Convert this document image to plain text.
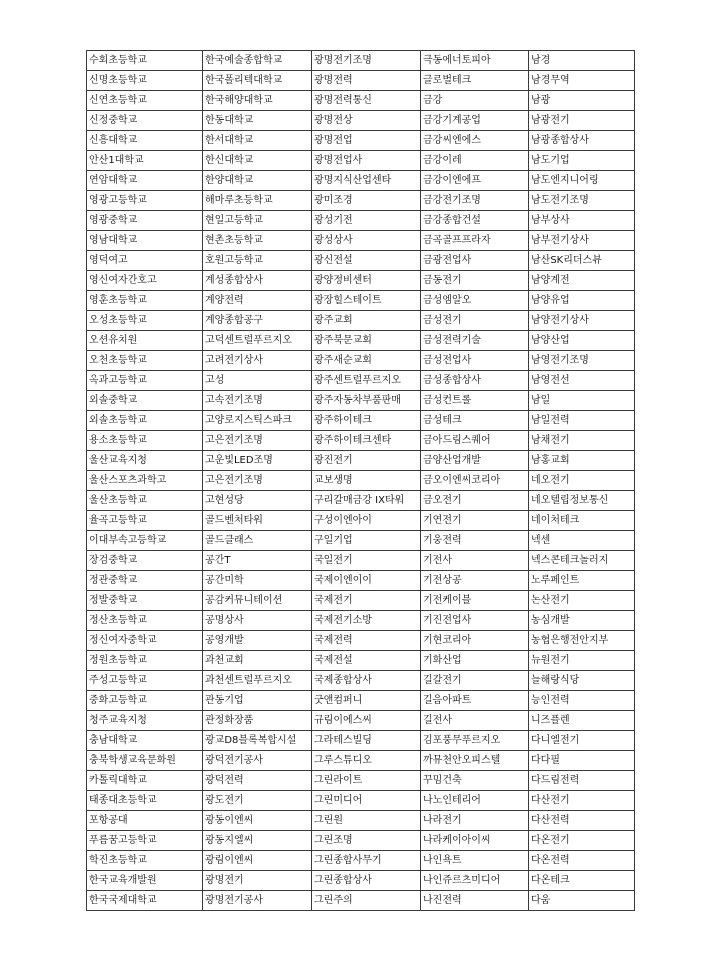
수회초등학교	한국예술종합학교	광명전기조명	극동에너토피아	남경
신명초등학교	한국폴리텍대학교	광명전력	글로벌테크	남경무역
신연초등학교	한국해양대학교	광명전력통신	금강	남광
신정중학교	한동대학교	광명전상	금강기계공업	남광전기
신흥대학교	한서대학교	광명전업	금강씨엔에스	남광종합상사
안산1대학교	한신대학교	광명전업사	금강이레	남도기업
연암대학교	한양대학교	광명지식산업센타	금강이엔에프	남도엔지니어링
영광고등학교	해마루초등학교	광미조경	금강전기조명	남도전기조명
영광중학교	현일고등학교	광성기전	금강종합건설	남부상사
영남대학교	현촌초등학교	광성상사	금곡골프프라자	남부전기상사
영덕여고	호원고등학교	광신전설	금광전업사	남산SK리더스뷰
영신여자간호고	계성종합상사	광양정비센터	금동전기	남양계전
영훈초등학교	계양전력	광장힐스테이트	금성엠알오	남양유업
오성초등학교	계양종합공구	광주교회	금성전기	남양전기상사
오션유치원	고덕센트럴푸르지오	광주북문교회	금성전력기술	남양산업
오천초등학교	고려전기상사	광주새순교회	금성전업사	남영전기조명
옥과고등학교	고성	광주센트럴푸르지오	금성종합상사	남영전선
외솔중학교	고속전기조명	광주자동차부품판매	금성컨트롤	남일
외솔초등학교	고양로지스틱스파크	광주하이테크	금성테크	남일전력
용소초등학교	고은전기조명	광주하이테크센타	금아드림스퀘어	남채전기
울산교육지청	고운빛LED조명	광진전기	금양산업개발	남홍교회
울산스포츠과학고	고은전기조명	교보생명	금오이엔씨코리아	네오전기
울산초등학교	고현성당	구리갈매금강 IX타워	금오전기	네오텔립정보통신
율곡고등학교	골드벤처타워	구성이엔아이	기연전기	네이처테크
이대부속고등학교	골드클래스	구일기업	기웅전력	넥센
장검중학교	공간T	국일전기	기전사	넥스콘테크놀러지
정관중학교	공간미학	국제이엔이이	기전상공	노루페인트
정발중학교	공감커뮤니테이션	국제전기	기전케이블	논산전기
정산초등학교	공명상사	국제전기소방	기진전업사	농심개발
정신여자중학교	공영개발	국제전력	기현코리아	농협은행전안지부
정원초등학교	과천교회	국제전설	기화산업	뉴원전기
주성고등학교	과천센트럴푸르지오	국제종합상사	길갈전기	늘해랑식당
중화고등학교	관동기업	굿앤컴퍼니	길음아파트	능인전력
청주교육지청	관정화장품	규림이에스씨	길전사	니즈플렌
충남대학교	광교D8블록복합시설	그라테스빌딩	김포풍무푸르지오	다니엘전기
충북학생교육문화원	광덕전기공사	그루스튜디오	까뮤천안오피스텔	다다필
카톨릭대학교	광덕전력	그린라이트	꾸밈건축	다드림전력
태종대초등학교	광도전기	그린미디어	나노인테리어	다산전기
포항공대	광동이엔씨	그린원	나라전기	다산전력
푸름꿈고등학교	광동지엘씨	그린조명	나라케이아이씨	다온전기
학진초등학교	광림이엔씨	그린종합사무기	나인욕트	다온전력
한국교육개발원	광명전기	그린종합상사	나인쥬르츠미디어	다온테크
한국국제대학교	광명전기공사	그린주의	나진전력	다움
